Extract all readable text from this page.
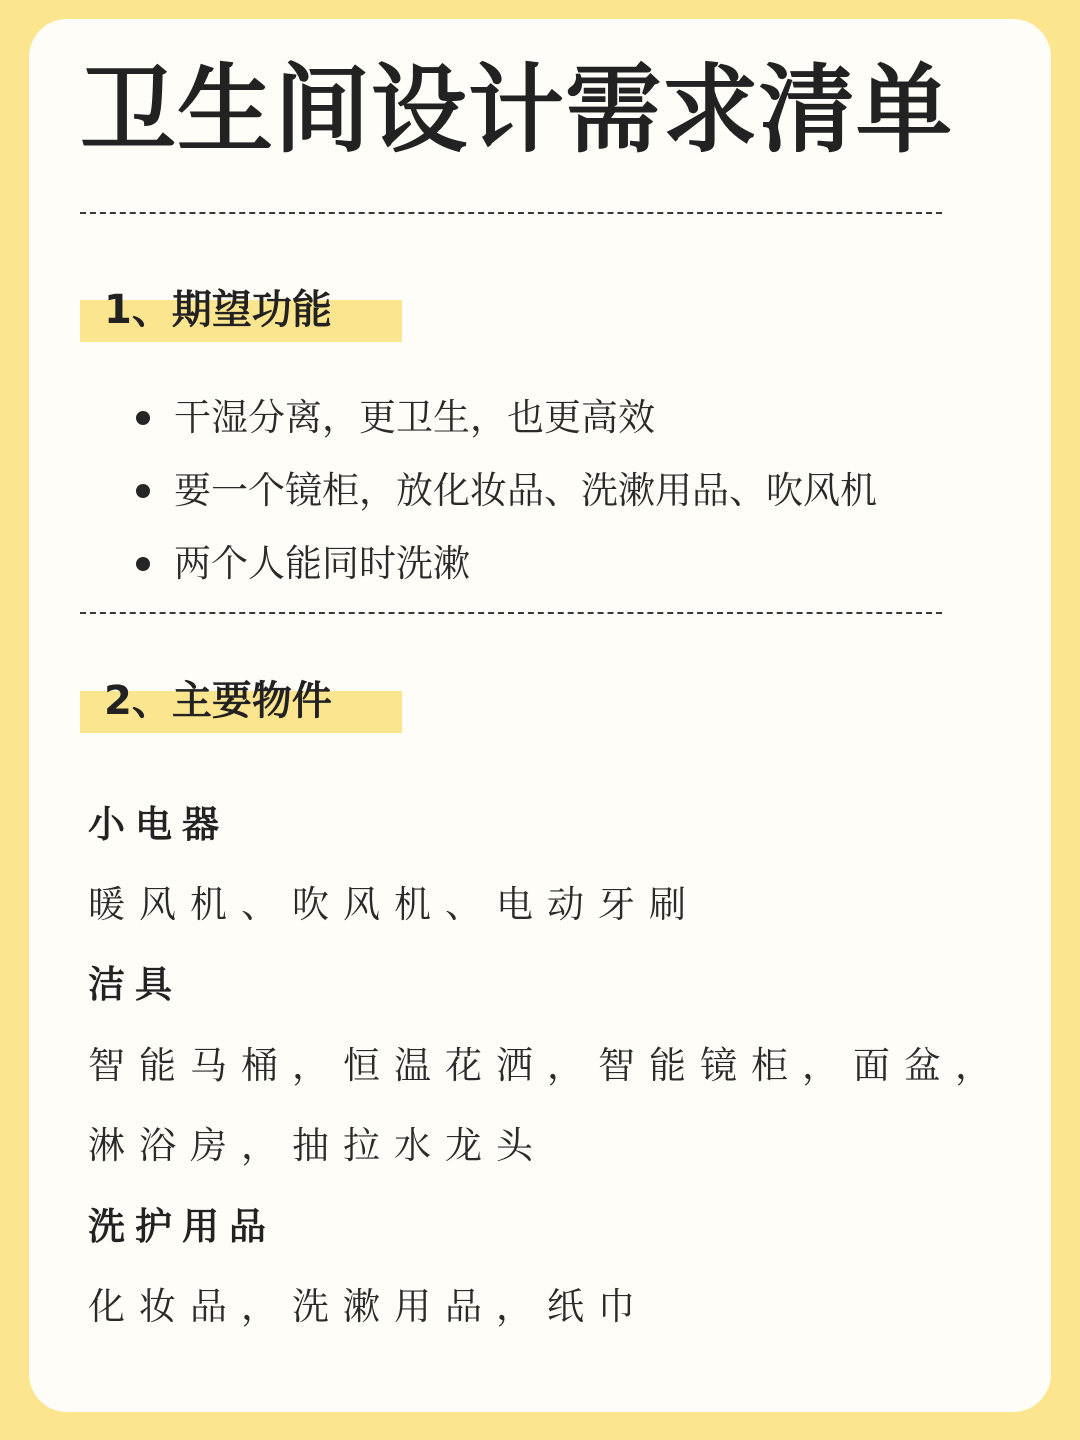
卫生间设计需求清单
1、期望功能
干湿分离，更卫生，也更高效
要一个镜柜，放化妆品、洗漱用品、吹风机
两个人能同时洗漱
2、主要物件
小电器
暖风机、吹风机、电动牙刷
洁具
智能马桶，恒温花洒，智能镜柜，面盆，
淋浴房，抽拉水龙头
洗护用品
化妆品，洗漱用品，纸巾
